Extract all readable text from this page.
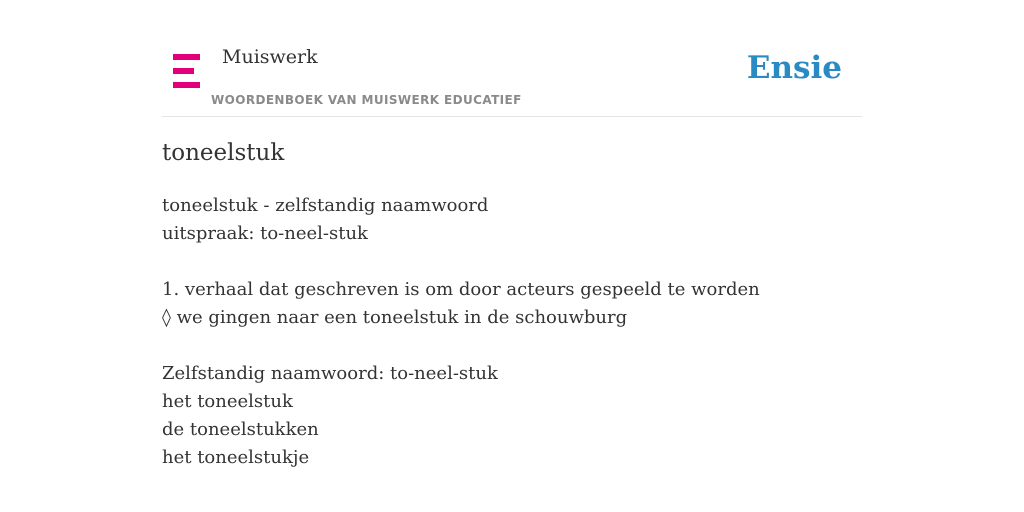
Muiswerk
WOORDENBOEK VAN MUISWERK EDUCATIEF
Ensie
toneelstuk
toneelstuk - zelfstandig naamwoord
uitspraak: to-neel-stuk
1. verhaal dat geschreven is om door acteurs gespeeld te worden
◊ we gingen naar een toneelstuk in de schouwburg
Zelfstandig naamwoord: to-neel-stuk
het toneelstuk
de toneelstukken
het toneelstukje
